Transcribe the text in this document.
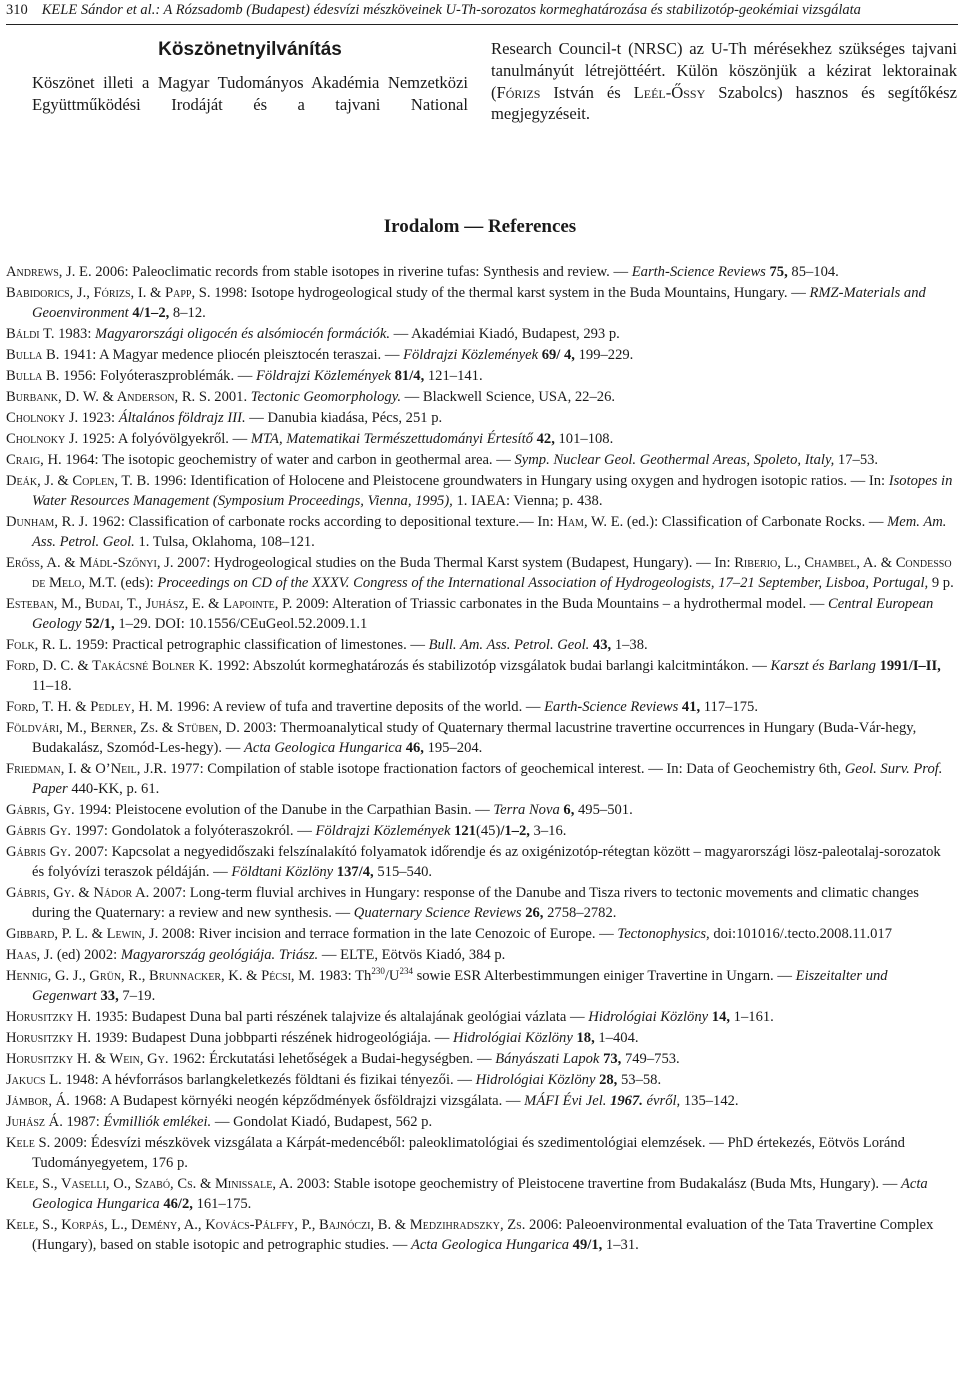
310 KELE Sándor et al.: A Rózsadomb (Budapest) édesvízi mészköveinek U-Th-sorozatos kormeghatározása és stabilizotóp-geokémiai vizsgálata
Köszönetnyilvánítás

Köszönet illeti a Magyar Tudományos Akadémia Nemzetközi Együttműködési Irodáját és a tajvani National

Research Council-t (NRSC) az U-Th mérésekhez szükséges tajvani tanulmányút létrejöttéért. Külön köszönjük a kézirat lektorainak (Fórizs István és Leél-Őssy Szabolcs) hasznos és segítőkész megjegyzéseit.

Irodalom — References
Andrews, J. E. 2006: Paleoclimatic records from stable isotopes in riverine tufas: Synthesis and review. — Earth-Science Reviews 75, 85–104.
Babidorics, J., Fórizs, I. & Papp, S. 1998: Isotope hydrogeological study of the thermal karst system in the Buda Mountains, Hungary. — RMZ-Materials and Geoenvironment 4/1–2, 8–12.
Báldi T. 1983: Magyarországi oligocén és alsómiocén formációk. — Akadémiai Kiadó, Budapest, 293 p.
Bulla B. 1941: A Magyar medence pliocén pleisztocén teraszai. — Földrajzi Közlemények 69/ 4, 199–229.
Bulla B. 1956: Folyóteraszproblémák. — Földrajzi Közlemények 81/4, 121–141.
Burbank, D. W. & Anderson, R. S. 2001. Tectonic Geomorphology. — Blackwell Science, USA, 22–26.
Cholnoky J. 1923: Általános földrajz III. — Danubia kiadása, Pécs, 251 p.
Cholnoky J. 1925: A folyóvölgyekről. — MTA, Matematikai Természettudományi Értesítő 42, 101–108.
Craig, H. 1964: The isotopic geochemistry of water and carbon in geothermal area. — Symp. Nuclear Geol. Geothermal Areas, Spoleto, Italy, 17–53.
Deák, J. & Coplen, T. B. 1996: Identification of Holocene and Pleistocene groundwaters in Hungary using oxygen and hydrogen isotopic ratios. — In: Isotopes in Water Resources Management (Symposium Proceedings, Vienna, 1995), 1. IAEA: Vienna; p. 438.
Dunham, R. J. 1962: Classification of carbonate rocks according to depositional texture.— In: Ham, W. E. (ed.): Classification of Carbonate Rocks. — Mem. Am. Ass. Petrol. Geol. 1. Tulsa, Oklahoma, 108–121.
Erőss, A. & Mádl-Szőnyi, J. 2007: Hydrogeological studies on the Buda Thermal Karst system (Budapest, Hungary). — In: Riberio, L., Chambel, A. & Condesso de Melo, M.T. (eds): Proceedings on CD of the XXXV. Congress of the International Association of Hydrogeologists, 17–21 September, Lisboa, Portugal, 9 p.
Esteban, M., Budai, T., Juhász, E. & Lapointe, P. 2009: Alteration of Triassic carbonates in the Buda Mountains – a hydrothermal model. — Central European Geology 52/1, 1–29. DOI: 10.1556/CEuGeol.52.2009.1.1
Folk, R. L. 1959: Practical petrographic classification of limestones. — Bull. Am. Ass. Petrol. Geol. 43, 1–38.
Ford, D. C. & Takácsné Bolner K. 1992: Abszolút kormeghatározás és stabilizotóp vizsgálatok budai barlangi kalcitmintákon. — Karszt és Barlang 1991/I–II, 11–18.
Ford, T. H. & Pedley, H. M. 1996: A review of tufa and travertine deposits of the world. — Earth-Science Reviews 41, 117–175.
Földvári, M., Berner, Zs. & Stüben, D. 2003: Thermoanalytical study of Quaternary thermal lacustrine travertine occurrences in Hungary (Buda-Vár-hegy, Budakalász, Szomód-Les-hegy). — Acta Geologica Hungarica 46, 195–204.
Friedman, I. & O’Neil, J.R. 1977: Compilation of stable isotope fractionation factors of geochemical interest. — In: Data of Geochemistry 6th, Geol. Surv. Prof. Paper 440-KK, p. 61.
Gábris, Gy. 1994: Pleistocene evolution of the Danube in the Carpathian Basin. — Terra Nova 6, 495–501.
Gábris Gy. 1997: Gondolatok a folyóteraszokról. — Földrajzi Közlemények 121(45)/1–2, 3–16.
Gábris Gy. 2007: Kapcsolat a negyedidőszaki felszínalakító folyamatok időrendje és az oxigénizotóp-rétegtan között – magyarországi lösz-paleotalaj-sorozatok és folyóvízi teraszok példáján. — Földtani Közlöny 137/4, 515–540.
Gábris, Gy. & Nádor A. 2007: Long-term fluvial archives in Hungary: response of the Danube and Tisza rivers to tectonic movements and climatic changes during the Quaternary: a review and new synthesis. — Quaternary Science Reviews 26, 2758–2782.
Gibbard, P. L. & Lewin, J. 2008: River incision and terrace formation in the late Cenozoic of Europe. — Tectonophysics, doi:101016/.tecto.2008.11.017
Haas, J. (ed) 2002: Magyarország geológiája. Triász. — ELTE, Eötvös Kiadó, 384 p.
Hennig, G. J., Grün, R., Brunnacker, K. & Pécsi, M. 1983: $Th^{230}/U^{234}$ sowie ESR Alterbestimmungen einiger Travertine in Ungarn. — Eiszeitalter und Gegenwart 33, 7–19.
Horusitzky H. 1935: Budapest Duna bal parti részének talajvize és altalajának geológiai vázlata — Hidrológiai Közlöny 14, 1–161.
Horusitzky H. 1939: Budapest Duna jobbparti részének hidrogeológiája. — Hidrológiai Közlöny 18, 1–404.
Horusitzky H. & Wein, Gy. 1962: Érckutatási lehetőségek a Budai-hegységben. — Bányászati Lapok 73, 749–753.
Jakucs L. 1948: A hévforrásos barlangkeletkezés földtani és fizikai tényezői. — Hidrológiai Közlöny 28, 53–58.
Jámbor, Á. 1968: A Budapest környéki neogén képződmények ősföldrajzi vizsgálata. — MÁFI Évi Jel. 1967. évről, 135–142.
Juhász Á. 1987: Évmilliók emlékei. — Gondolat Kiadó, Budapest, 562 p.
Kele S. 2009: Édesvízi mészkövek vizsgálata a Kárpát-medencéből: paleoklimatológiai és szedimentológiai elemzések. — PhD értekezés, Eötvös Loránd Tudományegyetem, 176 p.
Kele, S., Vaselli, O., Szabó, Cs. & Minissale, A. 2003: Stable isotope geochemistry of Pleistocene travertine from Budakalász (Buda Mts, Hungary). — Acta Geologica Hungarica 46/2, 161–175.
Kele, S., Korpás, L., Demény, A., Kovács-Pálffy, P., Bajnóczi, B. & Medzihradszky, Zs. 2006: Paleoenvironmental evaluation of the Tata Travertine Complex (Hungary), based on stable isotopic and petrographic studies. — Acta Geologica Hungarica 49/1, 1–31.
